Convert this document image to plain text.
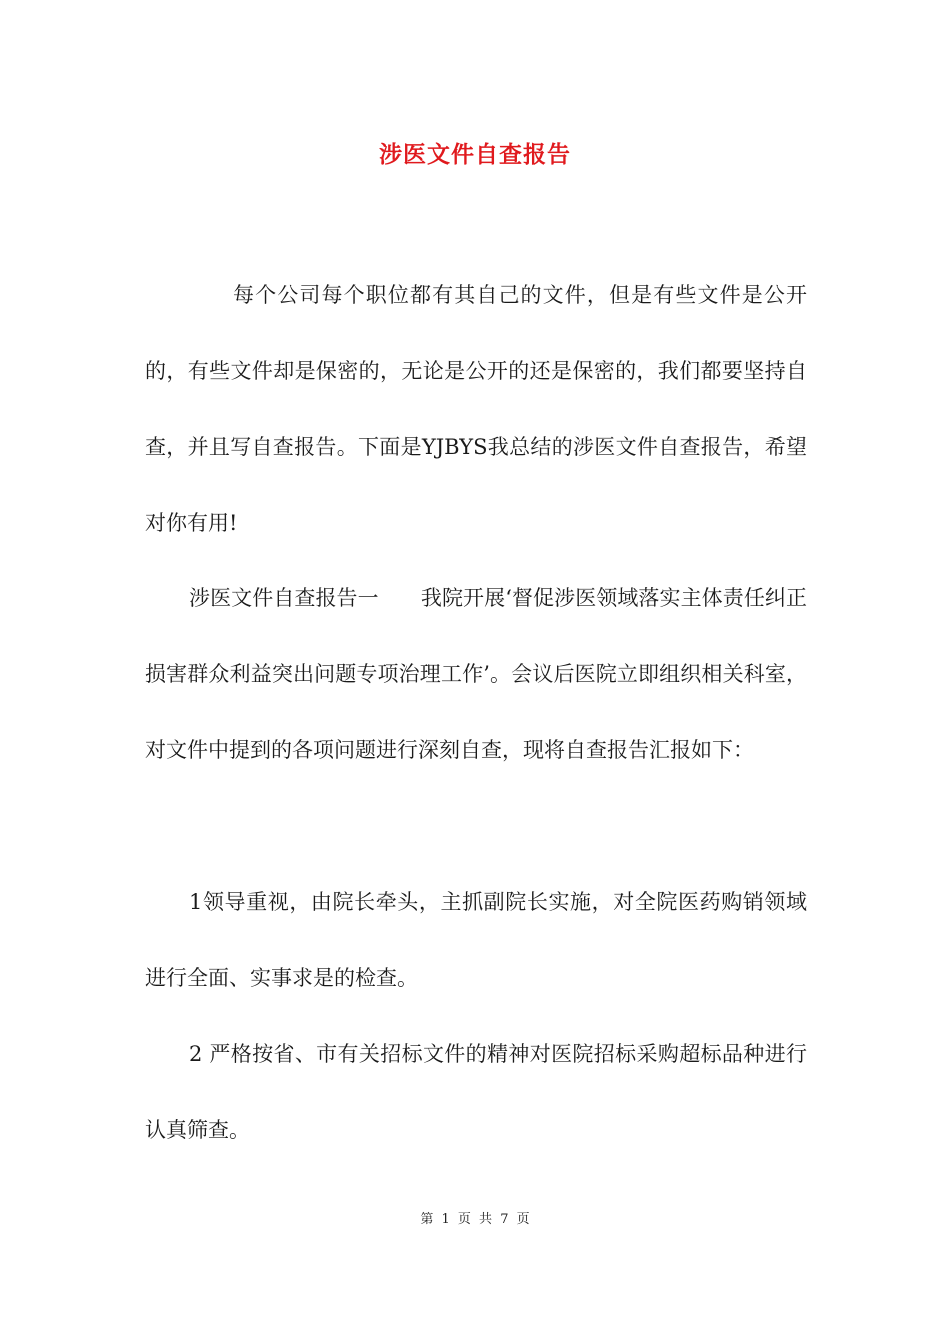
涉医文件自查报告

每个公司每个职位都有其自己的文件，但是有些文件是公开的，有些文件却是保密的，无论是公开的还是保密的，我们都要坚持自查，并且写自查报告。下面是YJBYS我总结的涉医文件自查报告，希望对你有用!

涉医文件自查报告一　　我院开展‘督促涉医领域落实主体责任纠正损害群众利益突出问题专项治理工作’。会议后医院立即组织相关科室，对文件中提到的各项问题进行深刻自查，现将自查报告汇报如下：

1领导重视，由院长牵头，主抓副院长实施，对全院医药购销领域进行全面、实事求是的检查。

2 严格按省、市有关招标文件的精神对医院招标采购超标品种进行认真筛查。

第 1 页 共 7 页
